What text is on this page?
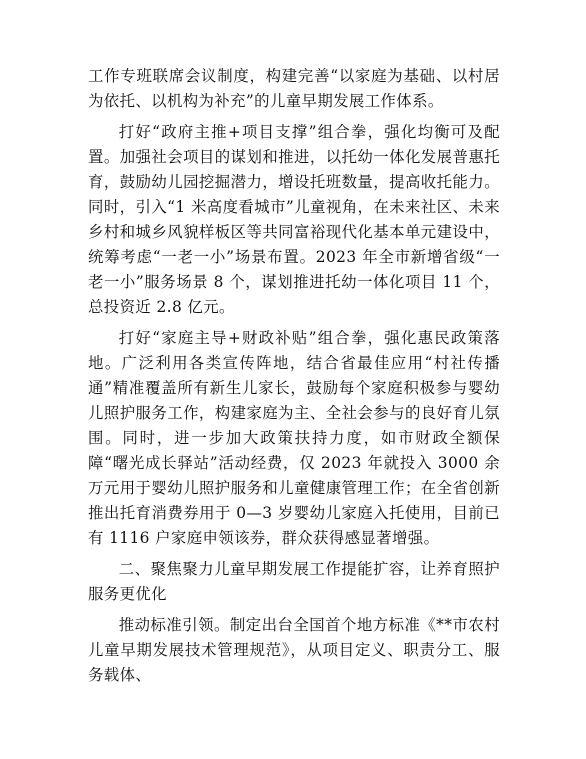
工作专班联席会议制度，构建完善“以家庭为基础、以村居为依托、以机构为补充”的儿童早期发展工作体系。

打好“政府主推+项目支撑”组合拳，强化均衡可及配置。加强社会项目的谋划和推进，以托幼一体化发展普惠托育，鼓励幼儿园挖掘潜力，增设托班数量，提高收托能力。同时，引入“1 米高度看城市”儿童视角，在未来社区、未来乡村和城乡风貌样板区等共同富裕现代化基本单元建设中，统筹考虑“一老一小”场景布置。2023 年全市新增省级“一老一小”服务场景 8 个，谋划推进托幼一体化项目 11 个，总投资近 2.8 亿元。

打好“家庭主导+财政补贴”组合拳，强化惠民政策落地。广泛利用各类宣传阵地，结合省最佳应用“村社传播通”精准覆盖所有新生儿家长，鼓励每个家庭积极参与婴幼儿照护服务工作，构建家庭为主、全社会参与的良好育儿氛围。同时，进一步加大政策扶持力度，如市财政全额保障“曙光成长驿站”活动经费，仅 2023 年就投入 3000 余万元用于婴幼儿照护服务和儿童健康管理工作；在全省创新推出托育消费券用于 0—3 岁婴幼儿家庭入托使用，目前已有 1116 户家庭申领该券，群众获得感显著增强。

二、聚焦聚力儿童早期发展工作提能扩容，让养育照护服务更优化

推动标准引领。制定出台全国首个地方标准《**市农村儿童早期发展技术管理规范》，从项目定义、职责分工、服务载体、
